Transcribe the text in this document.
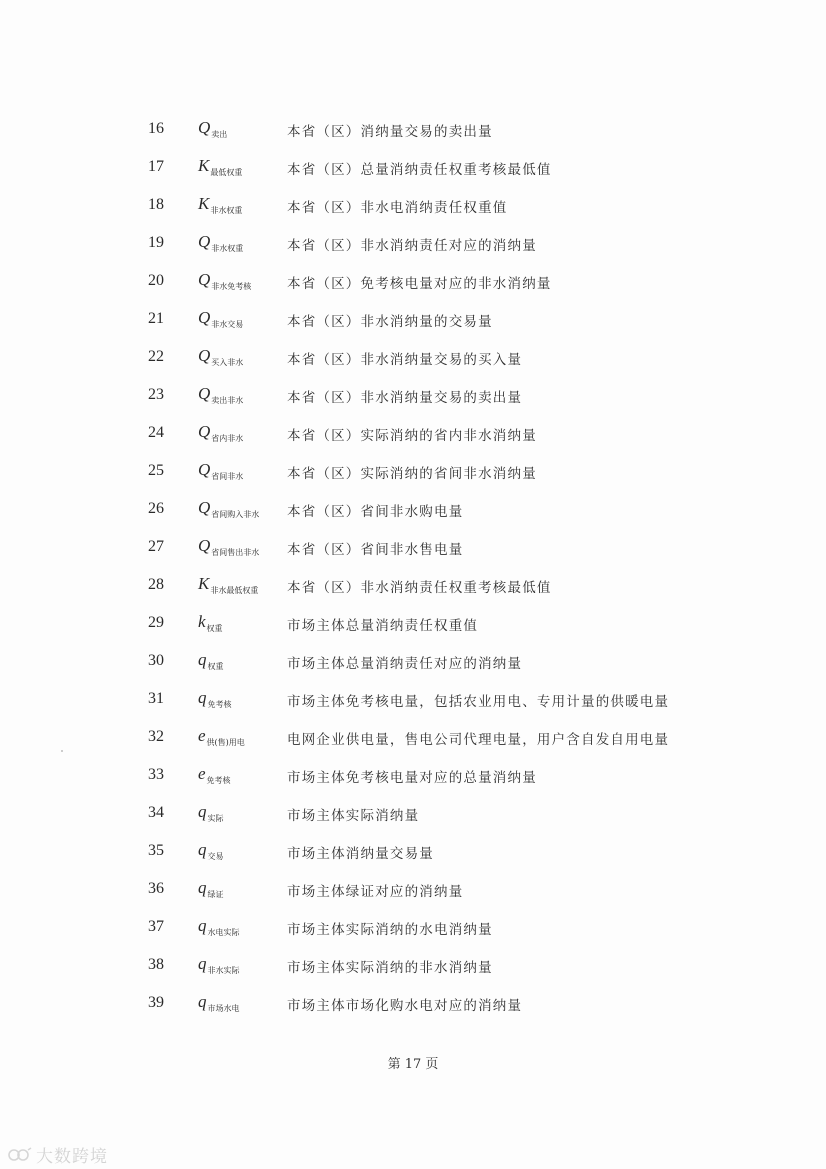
16	$Q_{卖出}$	本省（区）消纳量交易的卖出量
17	$K_{最低权重}$	本省（区）总量消纳责任权重考核最低值
18	$K_{非水权重}$	本省（区）非水电消纳责任权重值
19	$Q_{非水权重}$	本省（区）非水消纳责任对应的消纳量
20	$Q_{非水免考核}$	本省（区）免考核电量对应的非水消纳量
21	$Q_{非水交易}$	本省（区）非水消纳量的交易量
22	$Q_{买入非水}$	本省（区）非水消纳量交易的买入量
23	$Q_{卖出非水}$	本省（区）非水消纳量交易的卖出量
24	$Q_{省内非水}$	本省（区）实际消纳的省内非水消纳量
25	$Q_{省间非水}$	本省（区）实际消纳的省间非水消纳量
26	$Q_{省间购入非水}$ 本省（区）省间非水购电量
27	$Q_{省间售出非水}$ 本省（区）省间非水售电量
28	$K_{非水最低权重}$ 本省（区）非水消纳责任权重考核最低值
29	$k_{权重}$	市场主体总量消纳责任权重值
30	$q_{权重}$	市场主体总量消纳责任对应的消纳量
31	$q_{免考核}$	市场主体免考核电量，包括农业用电、专用计量的供暖电量
32	$e_{供(售)用电}$	电网企业供电量，售电公司代理电量，用户含自发自用电量
33	$e_{免考核}$	市场主体免考核电量对应的总量消纳量
34	$q_{实际}$	市场主体实际消纳量
35	$q_{交易}$	市场主体消纳量交易量
36	$q_{绿证}$	市场主体绿证对应的消纳量
37	$q_{水电实际}$	市场主体实际消纳的水电消纳量
38	$q_{非水实际}$	市场主体实际消纳的非水消纳量
39	$q_{市场水电}$	市场主体市场化购水电对应的消纳量
第 17 页
大数跨境
